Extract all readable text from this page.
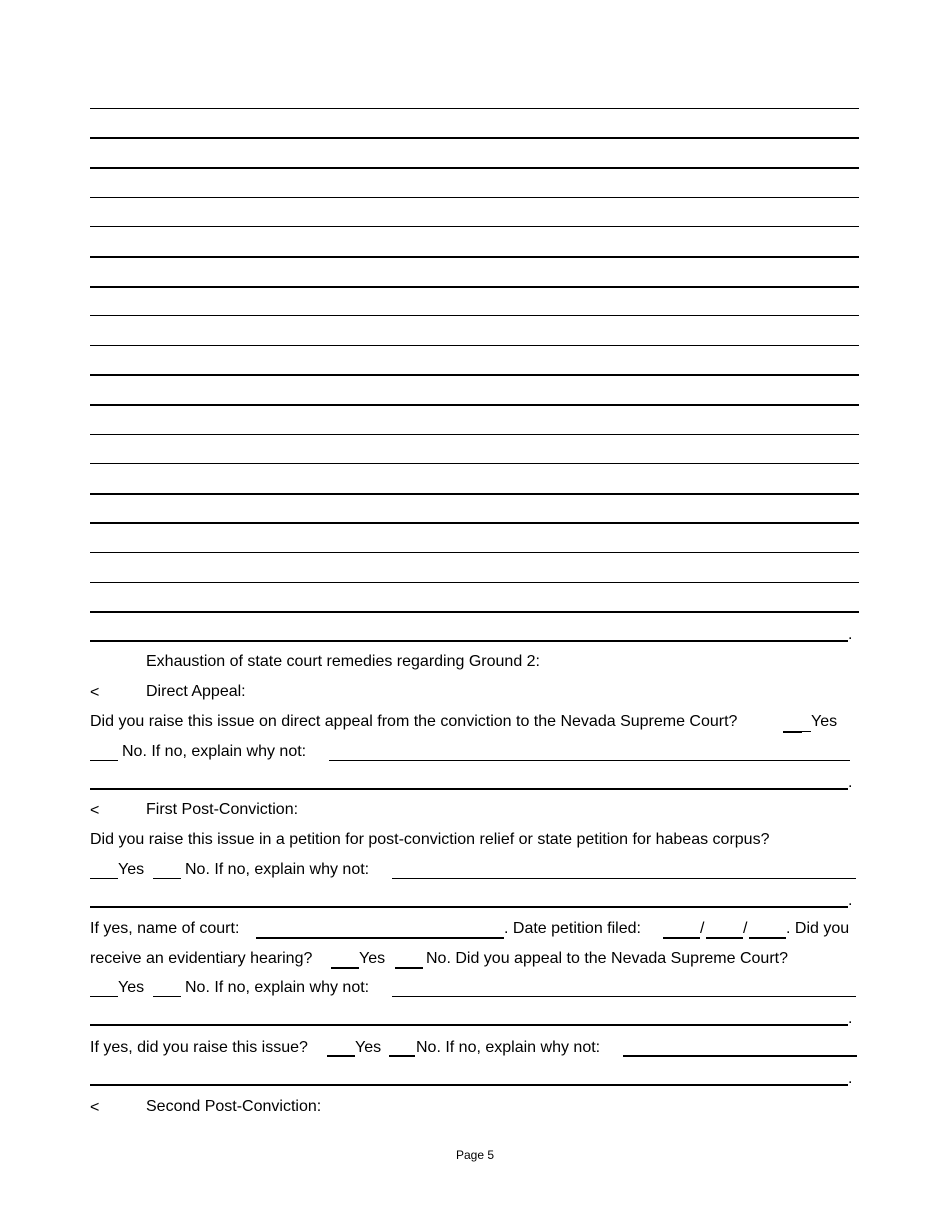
.
Exhaustion of state court remedies regarding Ground 2:
<	Direct Appeal:
Did you raise this issue on direct appeal from the conviction to the Nevada Supreme Court?	Yes
No. If no, explain why not:
.
<	First Post-Conviction:
Did you raise this issue in a petition for post-conviction relief or state petition for habeas corpus?
Yes	No. If no, explain why not:
.
If yes, name of court:	. Date petition filed:	/ / . Did you
receive an evidentiary hearing?	Yes	No. Did you appeal to the Nevada Supreme Court?
Yes	No. If no, explain why not:
.
If yes, did you raise this issue?	Yes No. If no, explain why not:
.
<	Second Post-Conviction:
Page 5
